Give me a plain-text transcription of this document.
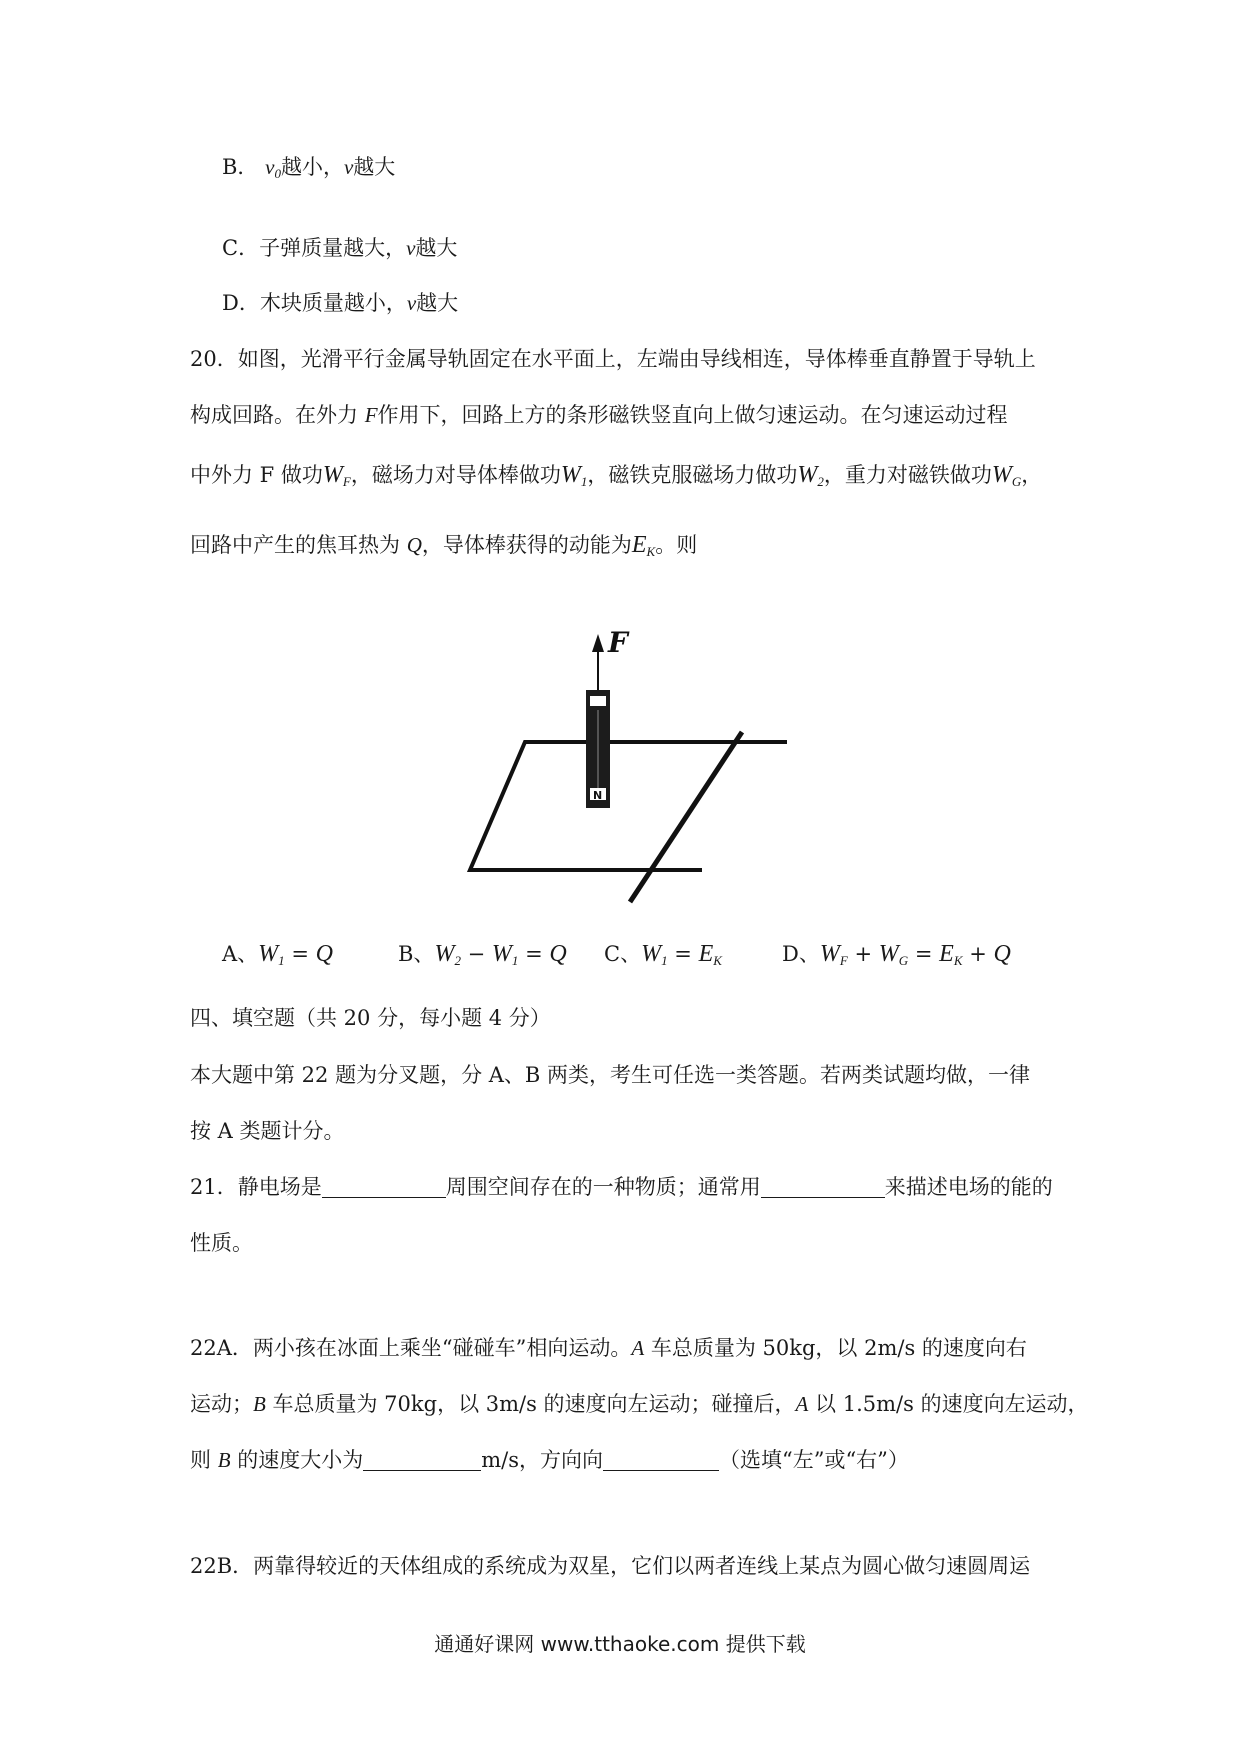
B． $v_0$越小，v越大
C．子弹质量越大，v越大
D．木块质量越小，v越大
20．如图，光滑平行金属导轨固定在水平面上，左端由导线相连，导体棒垂直静置于导轨上
构成回路。在外力 F作用下，回路上方的条形磁铁竖直向上做匀速运动。在匀速运动过程
中外力 F 做功$W_F$，磁场力对导体棒做功$W_1$，磁铁克服磁场力做功$W_2$，重力对磁铁做功$W_G$，
回路中产生的焦耳热为 Q，导体棒获得的动能为$E_K$。则
F
N
A、$W_1 = Q$	B、$W_2 - W_1 = Q$ C、$W_1 = E_K$	D、$W_F + W_G = E_K + Q$
四、填空题（共 20 分，每小题 4 分）
本大题中第 22 题为分叉题，分 A、B 两类，考生可任选一类答题。若两类试题均做，一律
按 A 类题计分。
21．静电场是	周围空间存在的一种物质；通常用	来描述电场的能的
性质。
22A．两小孩在冰面上乘坐“碰碰车”相向运动。A 车总质量为 50kg，以 2m/s 的速度向右
运动；B 车总质量为 70kg，以 3m/s 的速度向左运动；碰撞后，A 以 1.5m/s 的速度向左运动，
则 B 的速度大小为	m/s，方向向	（选填“左”或“右”）
22B．两靠得较近的天体组成的系统成为双星，它们以两者连线上某点为圆心做匀速圆周运
通通好课网 www.tthaoke.com 提供下载
